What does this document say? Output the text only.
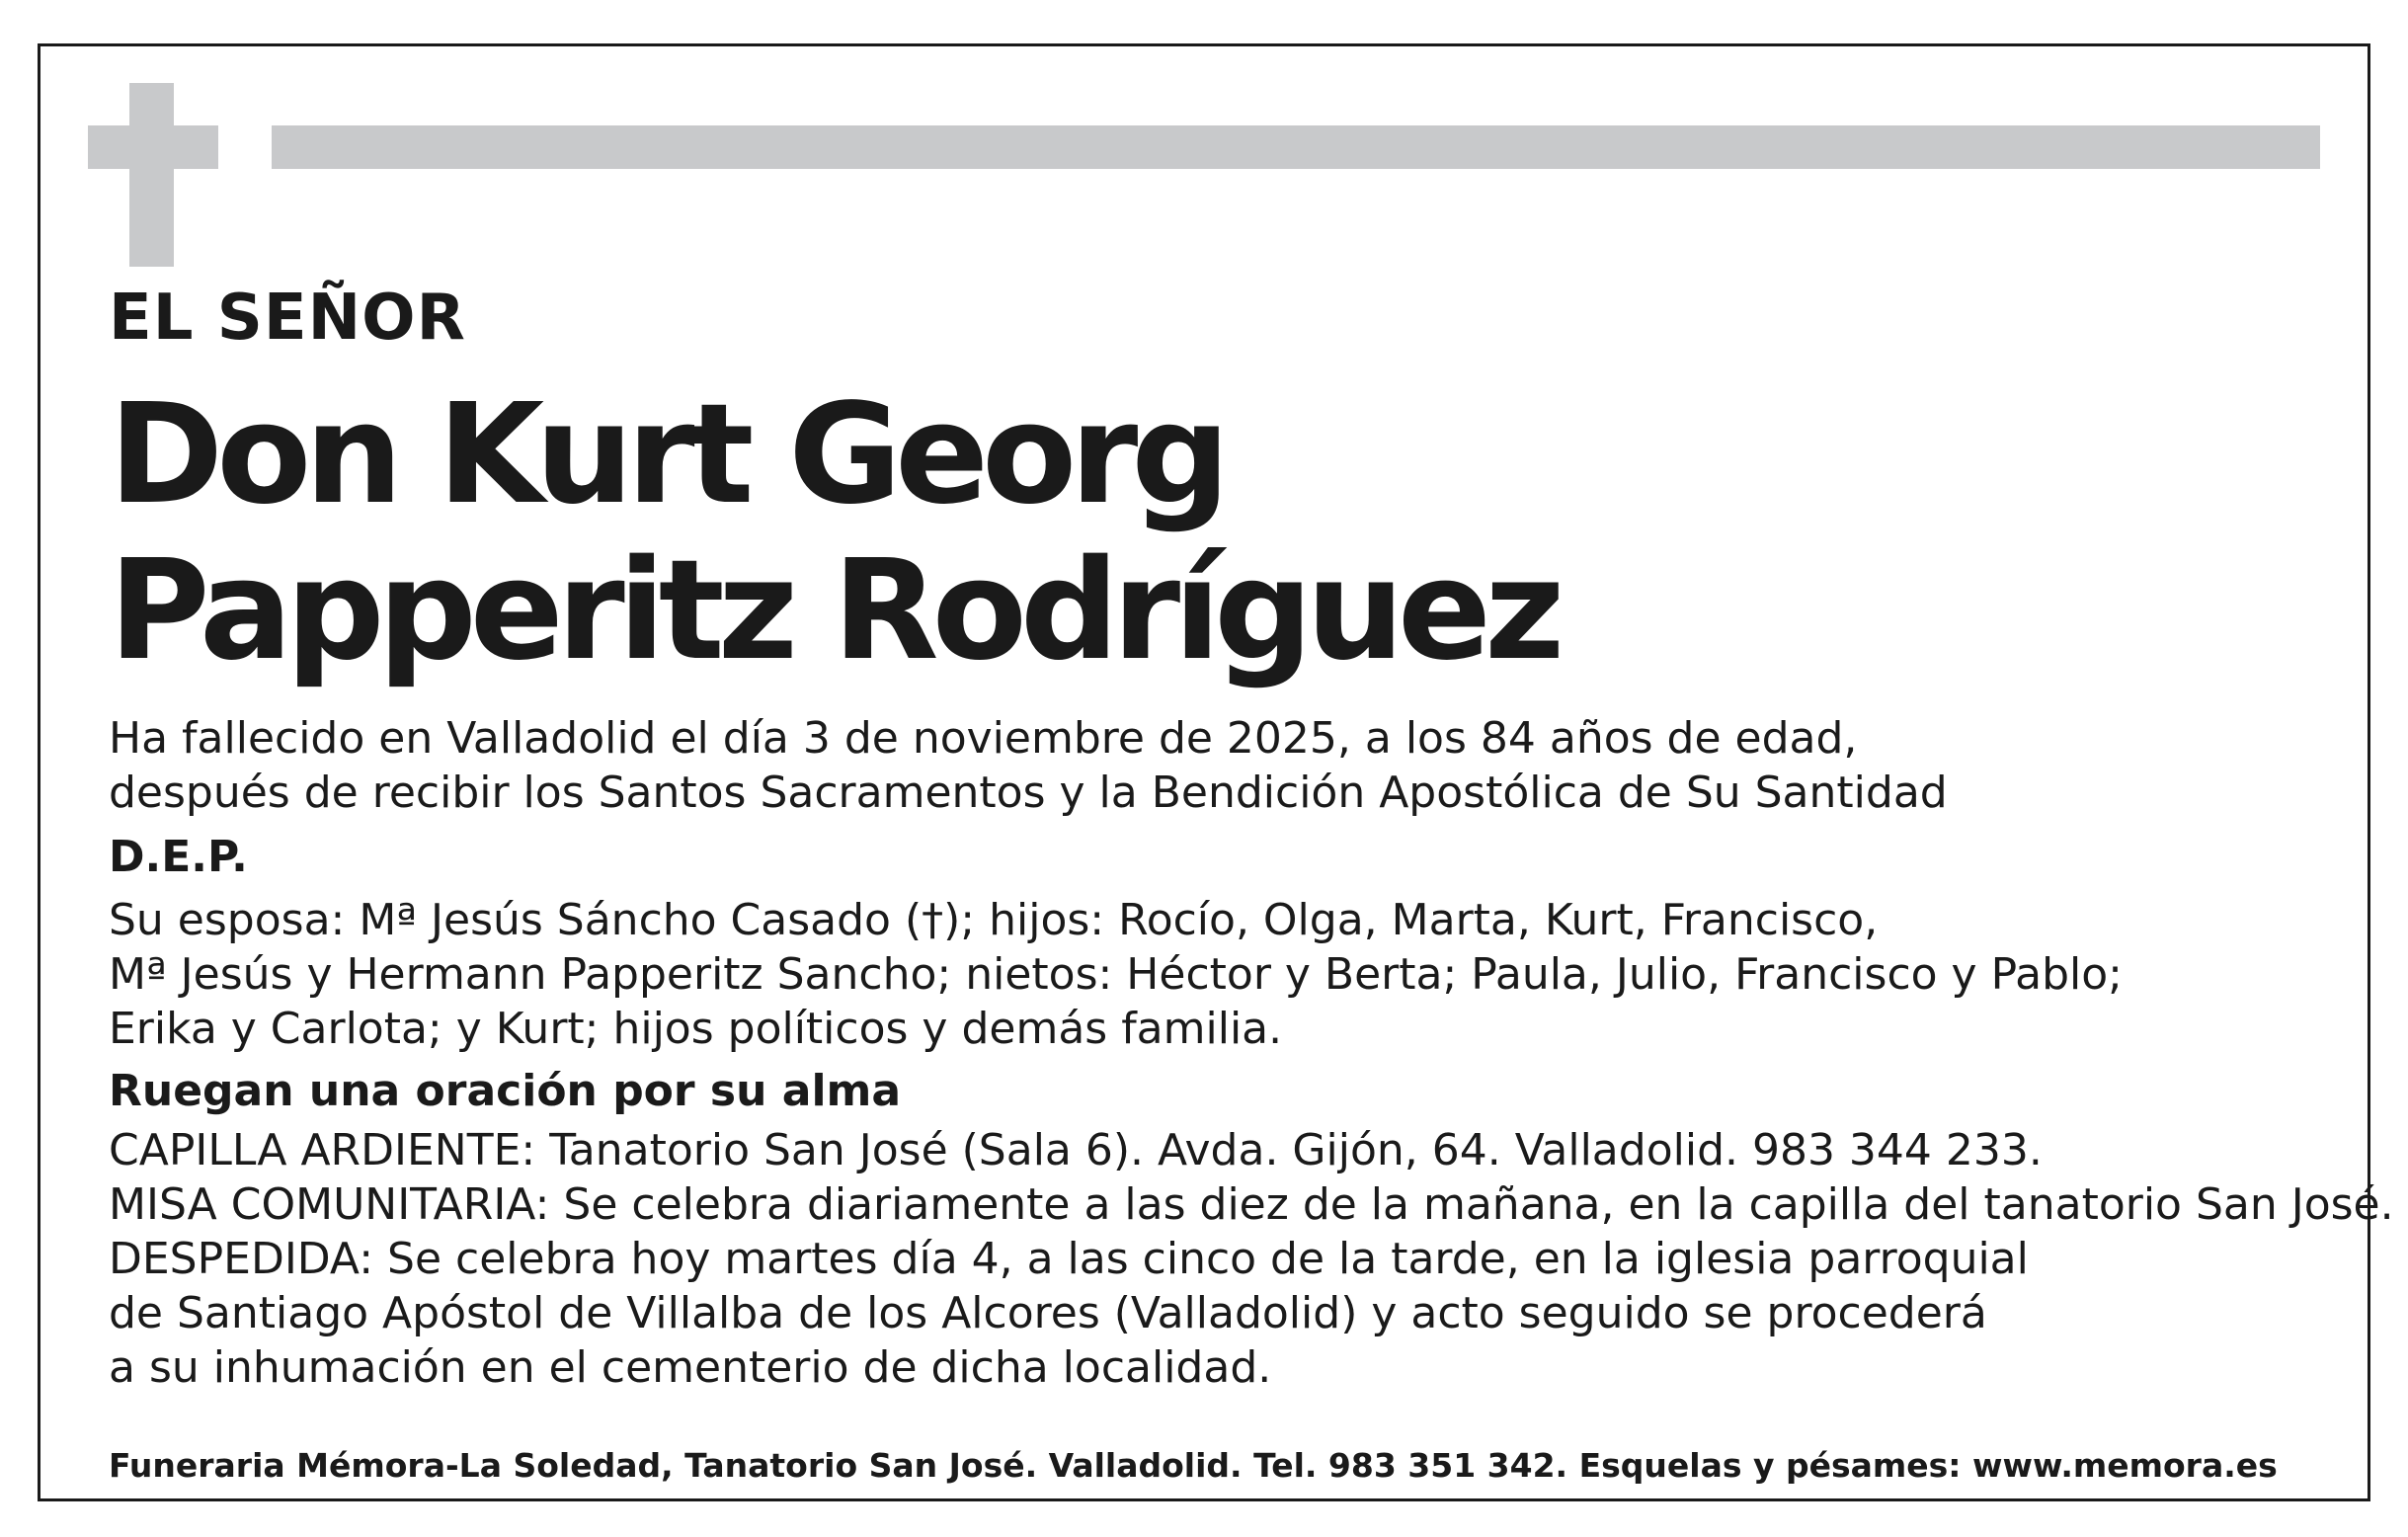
EL SEÑOR
Don Kurt Georg
Papperitz Rodríguez

Ha fallecido en Valladolid el día 3 de noviembre de 2025, a los 84 años de edad,

después de recibir los Santos Sacramentos y la Bendición Apostólica de Su Santidad

D.E.P.

Su esposa: Mª Jesús Sáncho Casado (†); hijos: Rocío, Olga, Marta, Kurt, Francisco,

Mª Jesús y Hermann Papperitz Sancho; nietos: Héctor y Berta; Paula, Julio, Francisco y Pablo;

Erika y Carlota; y Kurt; hijos políticos y demás familia.

Ruegan una oración por su alma

CAPILLA ARDIENTE: Tanatorio San José (Sala 6). Avda. Gijón, 64. Valladolid. 983 344 233.

MISA COMUNITARIA: Se celebra diariamente a las diez de la mañana, en la capilla del tanatorio San José.

DESPEDIDA: Se celebra hoy martes día 4, a las cinco de la tarde, en la iglesia parroquial

de Santiago Apóstol de Villalba de los Alcores (Valladolid) y acto seguido se procederá

a su inhumación en el cementerio de dicha localidad.

Funeraria Mémora-La Soledad, Tanatorio San José. Valladolid. Tel. 983 351 342. Esquelas y pésames: www.memora.es
